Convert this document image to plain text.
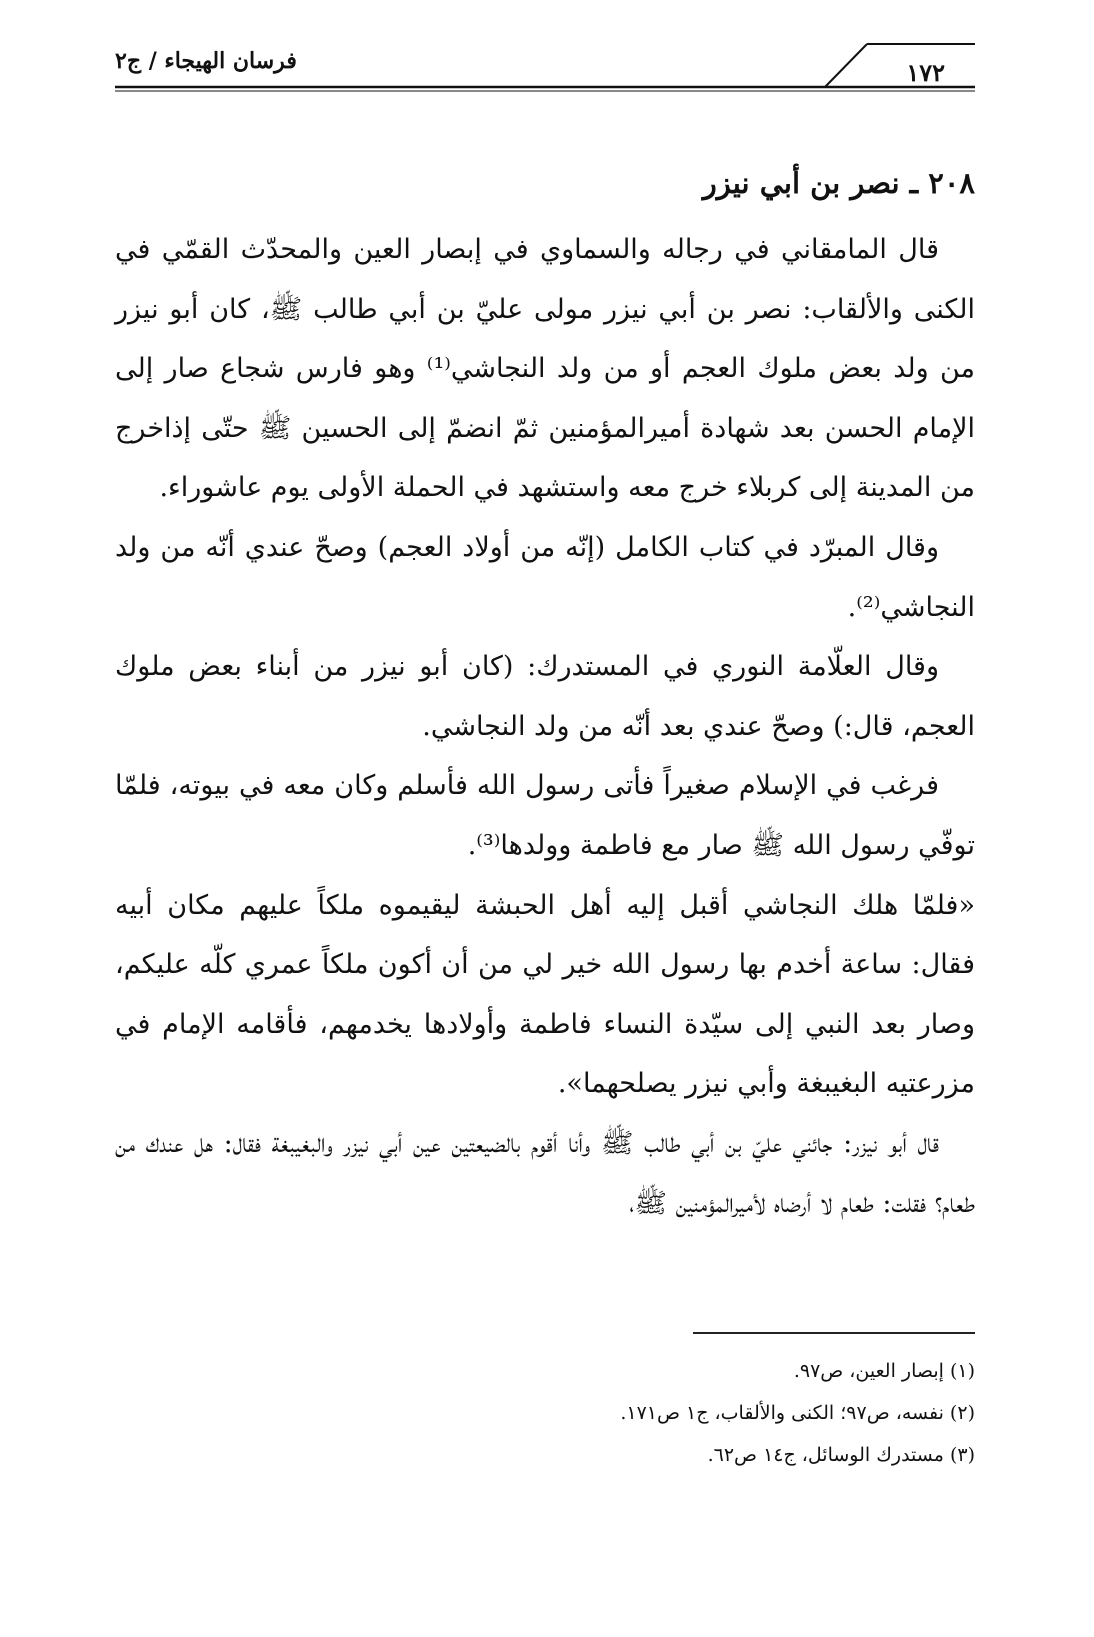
فرسان الهيجاء / ج٢	١٧٢
٢٠٨ ـ نصر بن أبي نيزر

قال المامقاني في رجاله والسماوي في إبصار العين والمحدّث القمّي في الكنى والألقاب: نصر بن أبي نيزر مولى عليّ بن أبي طالب ﷺ، كان أبو نيزر من ولد بعض ملوك العجم أو من ولد النجاشي⁽¹⁾ وهو فارس شجاع صار إلى الإمام الحسن بعد شهادة أميرالمؤمنين ثمّ انضمّ إلى الحسين ﷺ حتّى إذاخرج من المدينة إلى كربلاء خرج معه واستشهد في الحملة الأولى يوم عاشوراء.

وقال المبرّد في كتاب الكامل (إنّه من أولاد العجم) وصحّ عندي أنّه من ولد النجاشي⁽²⁾.

وقال العلّامة النوري في المستدرك: (كان أبو نيزر من أبناء بعض ملوك العجم، قال:) وصحّ عندي بعد أنّه من ولد النجاشي.

فرغب في الإسلام صغيراً فأتى رسول الله فأسلم وكان معه في بيوته، فلمّا توفّي رسول الله ﷺ صار مع فاطمة وولدها⁽³⁾.

«فلمّا هلك النجاشي أقبل إليه أهل الحبشة ليقيموه ملكاً عليهم مكان أبيه فقال: ساعة أخدم بها رسول الله خير لي من أن أكون ملكاً عمري كلّه عليكم، وصار بعد النبي إلى سيّدة النساء فاطمة وأولادها يخدمهم، فأقامه الإمام في مزرعتيه البغيبغة وأبي نيزر يصلحهما».

قال أبو نيزر: جائني عليّ بن أبي طالب ﷺ وأنا أقوم بالضيعتين عين أبي نيزر والبغيبغة فقال: هل عندك من طعام؟ فقلت: طعام لا أرضاه لأميرالمؤمنين ﷺ،

(١) إبصار العين، ص٩٧.

(٢) نفسه، ص٩٧؛ الكنى والألقاب، ج١ ص١٧١.

(٣) مستدرك الوسائل، ج١٤ ص٦٢.
